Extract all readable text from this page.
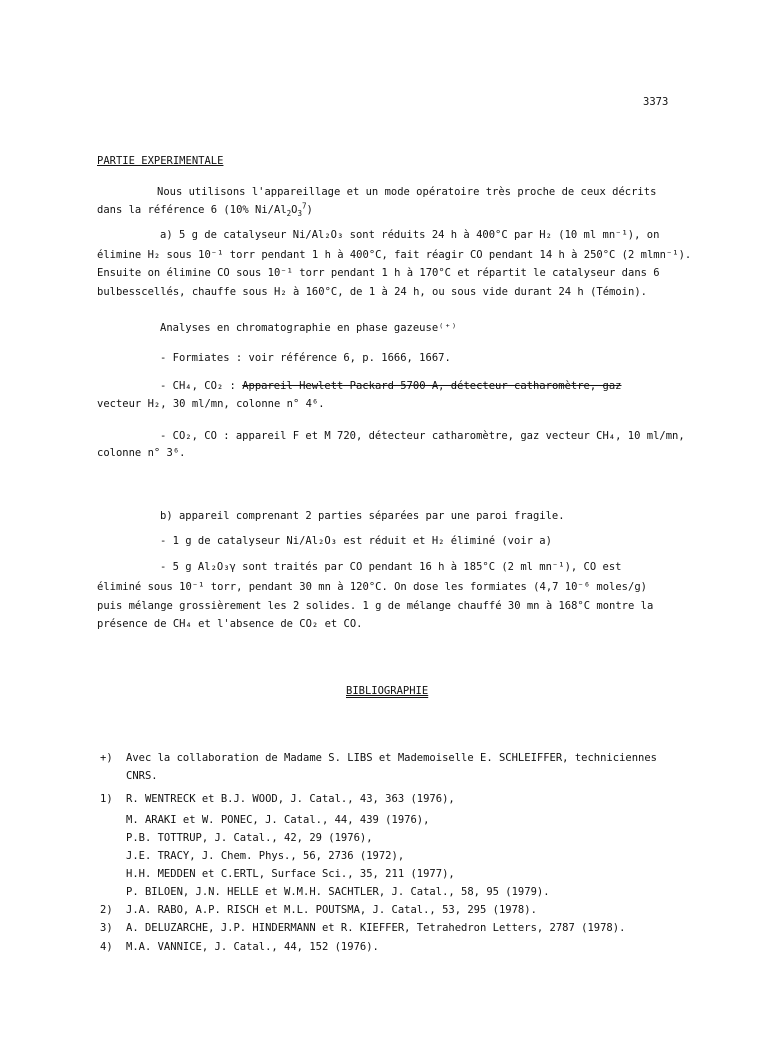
3373
PARTIE EXPERIMENTALE
Nous utilisons l'appareillage et un mode opératoire très proche de ceux décrits
dans la référence 6 (10% $Ni/Al_2O_3^7$)
a) 5 g de catalyseur Ni/Al₂O₃ sont réduits 24 h à 400°C par H₂ (10 ml mn⁻¹), on
élimine H₂ sous 10⁻¹ torr pendant 1 h à 400°C, fait réagir CO pendant 14 h à 250°C (2 mlmn⁻¹).
Ensuite on élimine CO sous 10⁻¹ torr pendant 1 h à 170°C et répartit le catalyseur dans 6
bulbesscellés, chauffe sous H₂ à 160°C, de 1 à 24 h, ou sous vide durant 24 h (Témoin).
Analyses en chromatographie en phase gazeuse⁽⁺⁾
- Formiates : voir référence 6, p. 1666, 1667.
- CH₄, CO₂ : Appareil Hewlett Packard 5700 A, détecteur catharomètre, gaz
vecteur H₂, 30 ml/mn, colonne n° 4⁶.
- CO₂, CO : appareil F et M 720, détecteur catharomètre, gaz vecteur CH₄, 10 ml/mn,
colonne n° 3⁶.
b) appareil comprenant 2 parties séparées par une paroi fragile.
- 1 g de catalyseur Ni/Al₂O₃ est réduit et H₂ éliminé (voir a)
- 5 g Al₂O₃γ sont traités par CO pendant 16 h à 185°C (2 ml mn⁻¹), CO est
éliminé sous 10⁻¹ torr, pendant 30 mn à 120°C. On dose les formiates (4,7 10⁻⁶ moles/g)
puis mélange grossièrement les 2 solides. 1 g de mélange chauffé 30 mn à 168°C montre la
présence de CH₄ et l'absence de CO₂ et CO.
BIBLIOGRAPHIE
+) Avec la collaboration de Madame S. LIBS et Mademoiselle E. SCHLEIFFER, techniciennes
CNRS.
1) R. WENTRECK et B.J. WOOD, J. Catal., 43, 363 (1976),
M. ARAKI et W. PONEC, J. Catal., 44, 439 (1976),
P.B. TOTTRUP, J. Catal., 42, 29 (1976),
J.E. TRACY, J. Chem. Phys., 56, 2736 (1972),
H.H. MEDDEN et C.ERTL, Surface Sci., 35, 211 (1977),
P. BILOEN, J.N. HELLE et W.M.H. SACHTLER, J. Catal., 58, 95 (1979).
2) J.A. RABO, A.P. RISCH et M.L. POUTSMA, J. Catal., 53, 295 (1978).
3) A. DELUZARCHE, J.P. HINDERMANN et R. KIEFFER, Tetrahedron Letters, 2787 (1978).
4) M.A. VANNICE, J. Catal., 44, 152 (1976).
